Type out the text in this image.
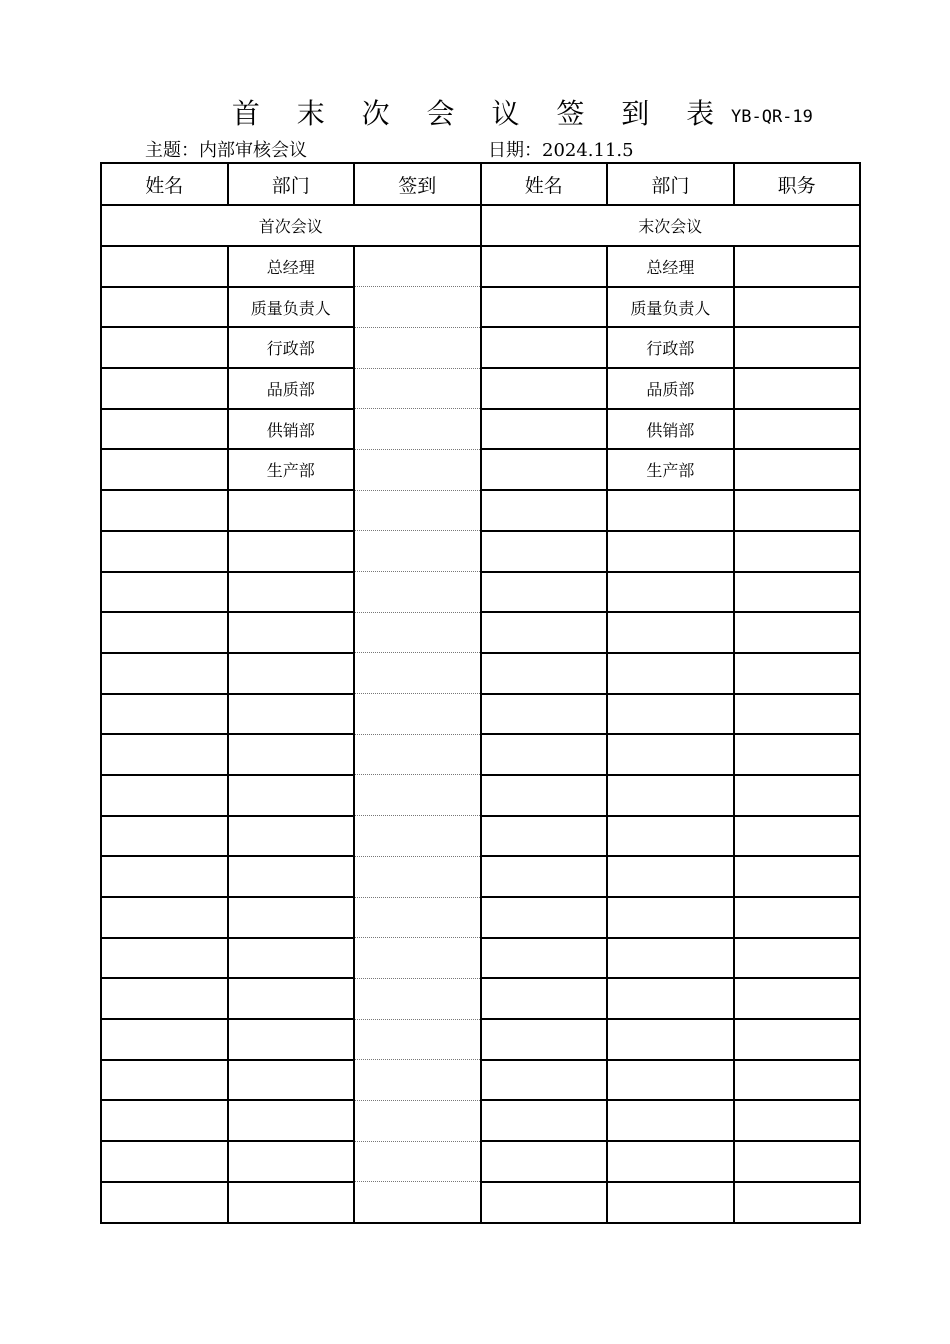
首 末 次 会 议 签 到 表 YB-QR-19
主题：内部审核会议	日期：2024.11.5
姓名	部门	签到	姓名	部门	职务
首次会议			末次会议		
	总经理			总经理	
	质量负责人			质量负责人	
	行政部			行政部	
	品质部			品质部	
	供销部			供销部	
	生产部			生产部	
